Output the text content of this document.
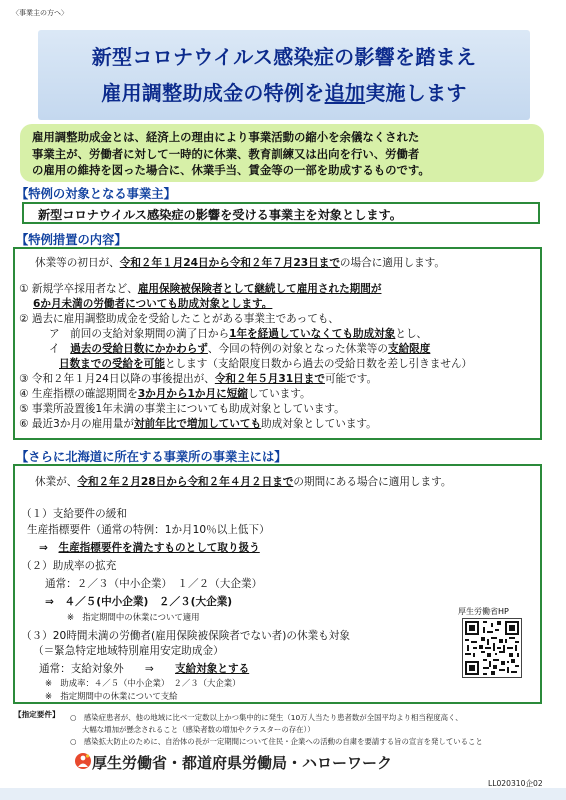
〈事業主の方へ〉
新型コロナウイルス感染症の影響を踏まえ
雇用調整助成金の特例を追加実施します
雇用調整助成金とは、経済上の理由により事業活動の縮小を余儀なくされた
事業主が、労働者に対して一時的に休業、教育訓練又は出向を行い、労働者
の雇用の維持を図った場合に、休業手当、賃金等の一部を助成するものです。
【特例の対象となる事業主】
新型コロナウイルス感染症の影響を受ける事業主を対象とします。
【特例措置の内容】
休業等の初日が、令和２年１月24日から令和２年７月23日までの場合に適用します。
① 新規学卒採用者など、雇用保険被保険者として継続して雇用された期間が
6か月未満の労働者についても助成対象とします。
② 過去に雇用調整助成金を受給したことがある事業主であっても、
ア　前回の支給対象期間の満了日から1年を経過していなくても助成対象とし、
イ　過去の受給日数にかかわらず、今回の特例の対象となった休業等の支給限度
日数までの受給を可能とします（支給限度日数から過去の受給日数を差し引きません）
③ 令和２年１月24日以降の事後提出が、令和２年５月31日まで可能です。
④ 生産指標の確認期間を3か月から1か月に短縮しています。
⑤ 事業所設置後1年未満の事業主についても助成対象としています。
⑥ 最近3か月の雇用量が対前年比で増加していても助成対象としています。
【さらに北海道に所在する事業所の事業主には】
休業が、令和２年２月28日から令和２年４月２日までの期間にある場合に適用します。
（１）支給要件の緩和
生産指標要件（通常の特例：1か月10％以上低下）
⇒　生産指標要件を満たすものとして取り扱う
（２）助成率の拡充
通常：２／３（中小企業）　１／２（大企業）
⇒　４／５(中小企業)　２／３(大企業)
※　指定期間中の休業について適用
（３）20時間未満の労働者(雇用保険被保険者でない者)の休業も対象
（＝緊急特定地域特別雇用安定助成金）
通常：支給対象外　　⇒　　支給対象とする
※　助成率：４／５（中小企業）　２／３（大企業）
※　指定期間中の休業について支給
厚生労働省HP
【指定要件】 ○　感染症患者が、他の地域に比べ一定数以上かつ集中的に発生（10万人当たり患者数が全国平均より相当程度高く、
大幅な増加が懸念されること（感染者数の増加やクラスターの存在））
○　感染拡大防止のために、自治体の長が一定期間について住民・企業への活動の自粛を要請する旨の宣言を発していること
厚生労働省・都道府県労働局・ハローワーク
LL020310企02
